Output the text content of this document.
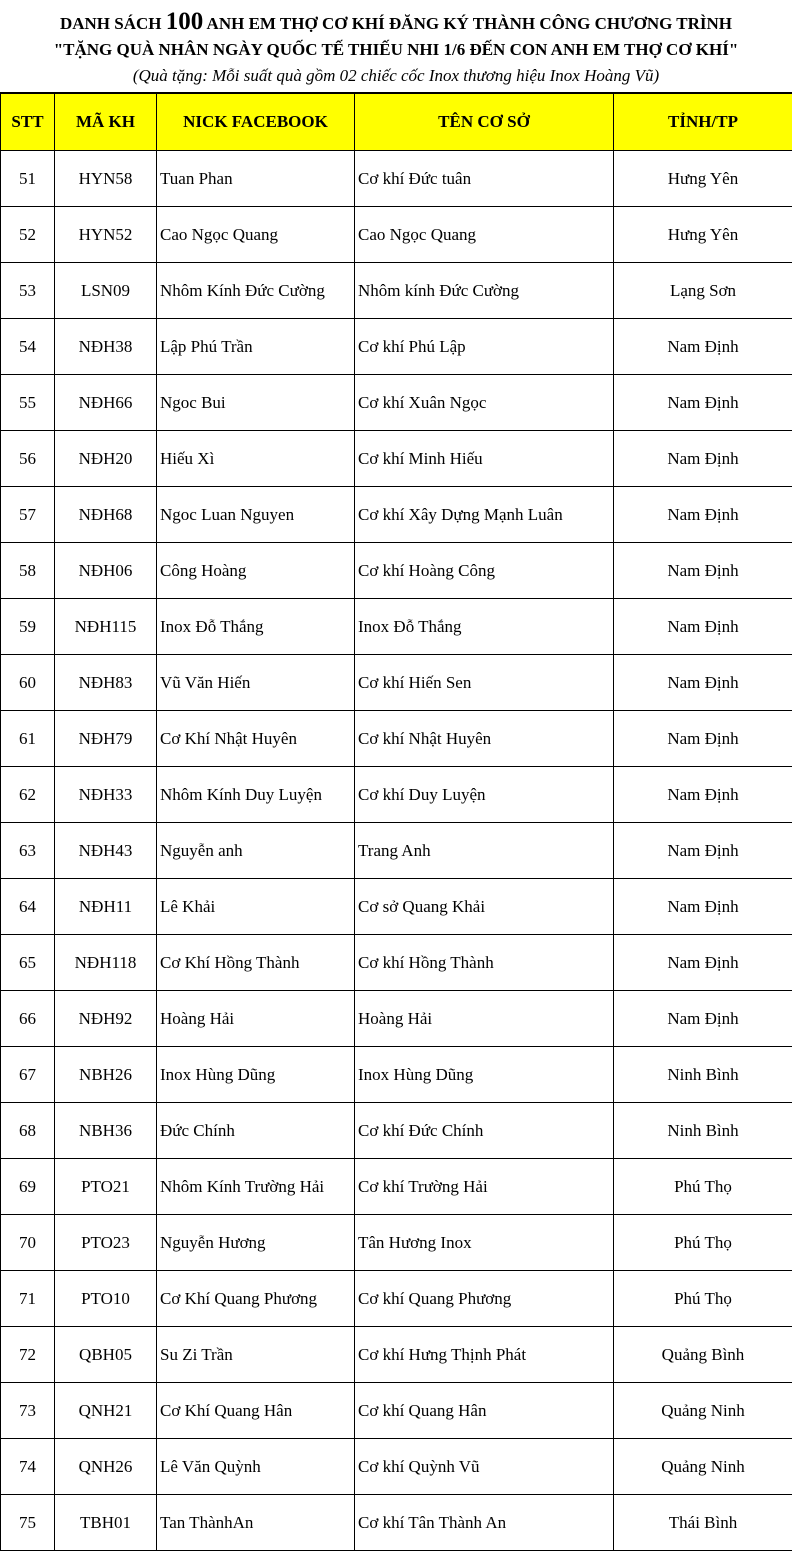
DANH SÁCH 100 ANH EM THỢ CƠ KHÍ ĐĂNG KÝ THÀNH CÔNG CHƯƠNG TRÌNH
"TẶNG QUÀ NHÂN NGÀY QUỐC TẾ THIẾU NHI 1/6 ĐẾN CON ANH EM THỢ CƠ KHÍ"
(Quà tặng: Mỗi suất quà gồm 02 chiếc cốc Inox thương hiệu Inox Hoàng Vũ)
STT	MÃ KH	NICK FACEBOOK	TÊN CƠ SỞ	TỈNH/TP
51	HYN58	Tuan Phan	Cơ khí Đức tuân	Hưng Yên
52	HYN52	Cao Ngọc Quang	Cao Ngọc Quang	Hưng Yên
53	LSN09	Nhôm Kính Đức Cường	Nhôm kính Đức Cường	Lạng Sơn
54	NĐH38	Lập Phú Trần	Cơ khí Phú Lập	Nam Định
55	NĐH66	Ngoc Bui	Cơ khí Xuân Ngọc	Nam Định
56	NĐH20	Hiếu Xì	Cơ khí Minh Hiếu	Nam Định
57	NĐH68	Ngoc Luan Nguyen	Cơ khí Xây Dựng Mạnh Luân	Nam Định
58	NĐH06	Công Hoàng	Cơ khí Hoàng Công	Nam Định
59	NĐH115	Inox Đỗ Thắng	Inox Đỗ Thắng	Nam Định
60	NĐH83	Vũ Văn Hiến	Cơ khí Hiến Sen	Nam Định
61	NĐH79	Cơ Khí Nhật Huyên	Cơ khí Nhật Huyên	Nam Định
62	NĐH33	Nhôm Kính Duy Luyện	Cơ khí Duy Luyện	Nam Định
63	NĐH43	Nguyễn anh	Trang Anh	Nam Định
64	NĐH11	Lê Khải	Cơ sở Quang Khải	Nam Định
65	NĐH118	Cơ Khí Hồng Thành	Cơ khí Hồng Thành	Nam Định
66	NĐH92	Hoàng Hải	Hoàng Hải	Nam Định
67	NBH26	Inox Hùng Dũng	Inox Hùng Dũng	Ninh Bình
68	NBH36	Đức Chính	Cơ khí Đức Chính	Ninh Bình
69	PTO21	Nhôm Kính Trường Hải	Cơ khí Trường Hải	Phú Thọ
70	PTO23	Nguyễn Hương	Tân Hương Inox	Phú Thọ
71	PTO10	Cơ Khí Quang Phương	Cơ khí Quang Phương	Phú Thọ
72	QBH05	Su Zi Trần	Cơ khí Hưng Thịnh Phát	Quảng Bình
73	QNH21	Cơ Khí Quang Hân	Cơ khí Quang Hân	Quảng Ninh
74	QNH26	Lê Văn Quỳnh	Cơ khí Quỳnh Vũ	Quảng Ninh
75	TBH01	Tan ThànhAn	Cơ khí Tân Thành An	Thái Bình
